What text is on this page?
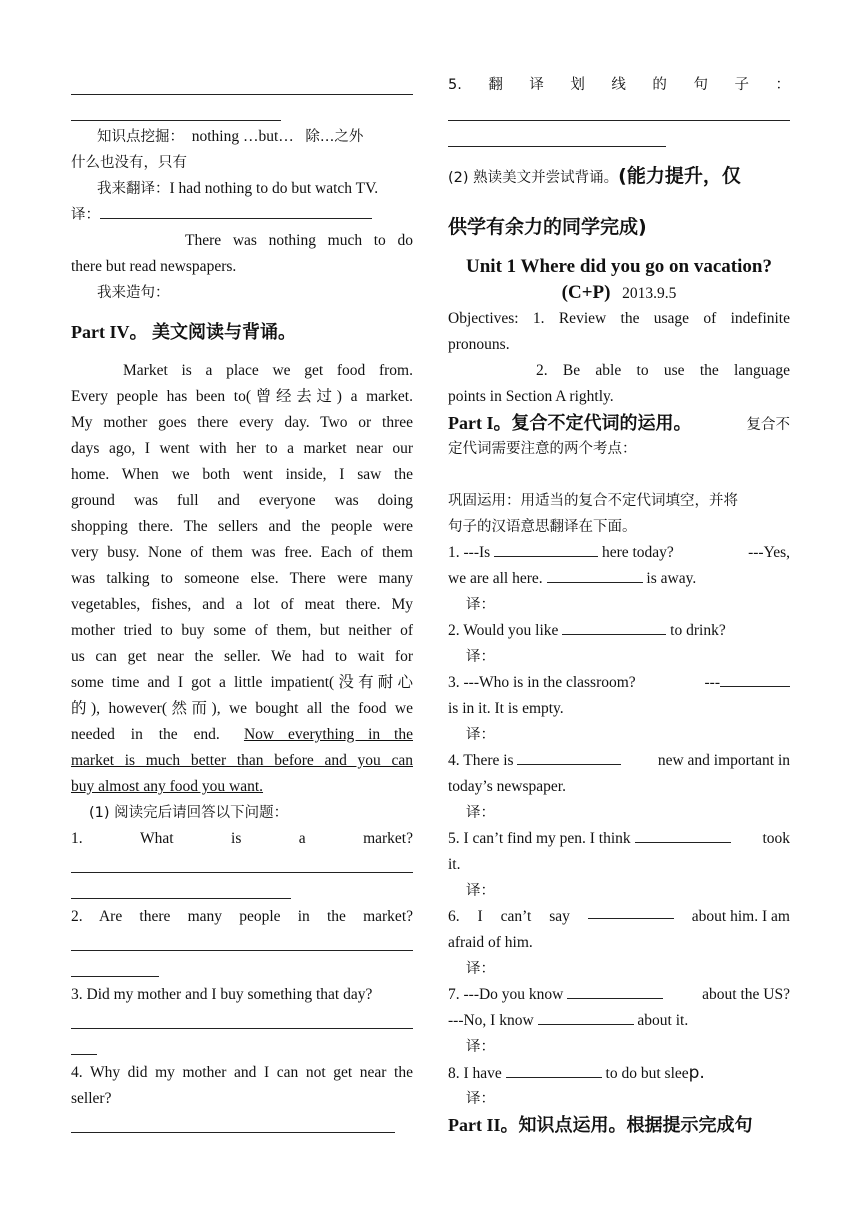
知识点挖掘： nothing …but… 除…之外
什么也没有，只有
我来翻译：I had nothing to do but watch TV.
译：
There was nothing much to do
there but read newspapers.
我来造句：
Part IV。 美文阅读与背诵。
Market is a place we get food from.
Every people has been to(曾经去过) a market.
My mother goes there every day. Two or three
days ago, I went with her to a market near our
home. When we both went inside, I saw the
ground was full and everyone was doing
shopping there. The sellers and the people were
very busy. None of them was free. Each of them
was talking to someone else. There were many
vegetables, fishes, and a lot of meat there. My
mother tried to buy some of them, but neither of
us can get near the seller. We had to wait for
some time and I got a little impatient(没有耐心
的), however(然而), we bought all the food we
needed in the end. Now everything in the
market is much better than before and you can
buy almost any food you want.
(1) 阅读完后请回答以下问题：
1.	What	is	a	market?
2. Are there many people in the market?
3. Did my mother and I buy something that day?
4. Why did my mother and I can not get near the
seller?
5. 翻 译 划 线 的 句 子 ：
(2) 熟读美文并尝试背诵。(能力提升，仅
供学有余力的同学完成)
Unit 1 Where did you go on vacation?
(C+P) 2013.9.5
Objectives: 1. Review the usage of indefinite
pronouns.
2. Be able to use the language
points in Section A rightly.
Part I。复合不定代词的运用。	复合不
定代词需要注意的两个考点：
巩固运用：用适当的复合不定代词填空，并将
句子的汉语意思翻译在下面。
1. ---Is	here today?	---Yes,
we are all here.	is away.
译：
2. Would you like	to drink?
译：
3. ---Who is in the classroom?	---
is in it. It is empty.
译：
4. There is	new and important in
today’s newspaper.
译：
5. I can’t find my pen. I think	took
it.
译：
6. I can’t say	about him. I am
afraid of him.
译：
7. ---Do you know	about the US?
---No, I know	about it.
译：
8. I have	to do but sleep.
译：
Part II。知识点运用。根据提示完成句
